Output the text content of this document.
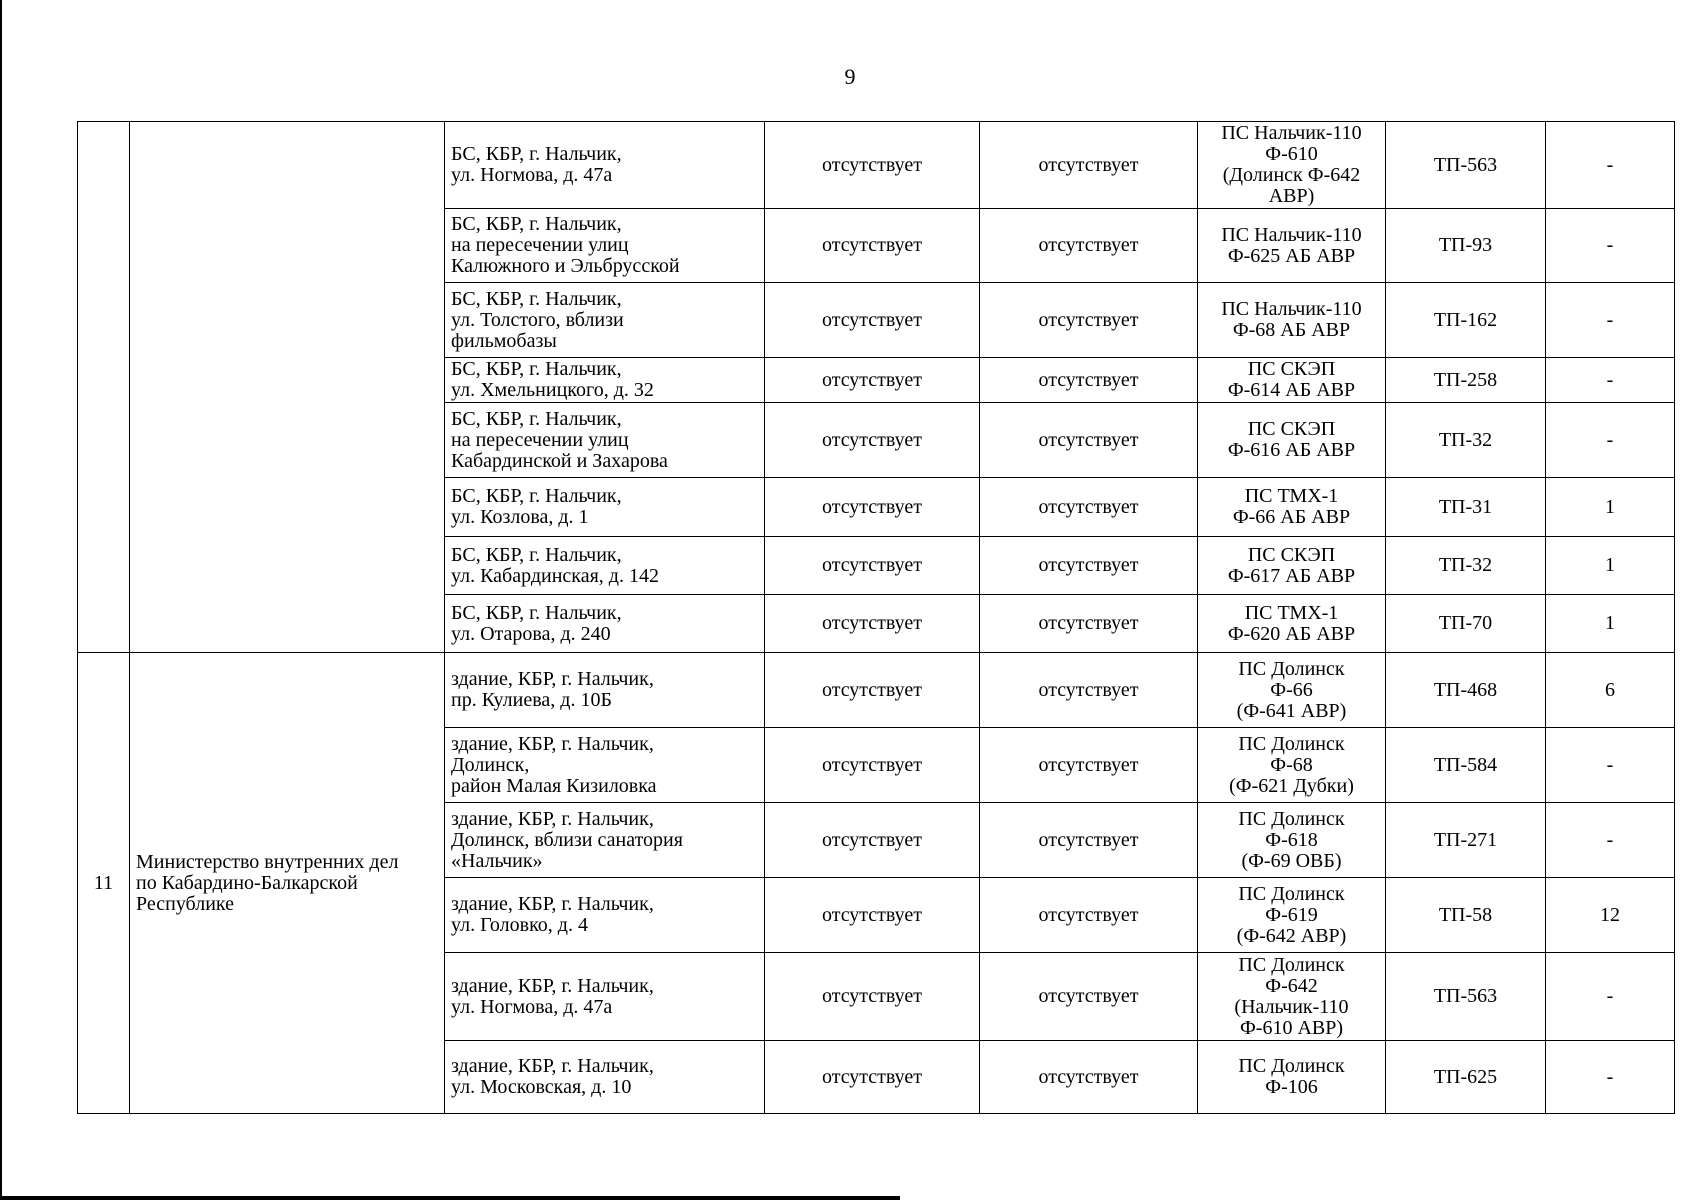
9
		БС, КБР, г. Нальчик,
ул. Ногмова, д. 47а	отсутствует	отсутствует	ПС Нальчик-110
Ф-610
(Долинск Ф-642
АВР)	ТП-563	-
		БС, КБР, г. Нальчик,
на пересечении улиц
Калюжного и Эльбрусской	отсутствует	отсутствует	ПС Нальчик-110
Ф-625 АБ АВР	ТП-93	-
		БС, КБР, г. Нальчик,
ул. Толстого, вблизи
фильмобазы	отсутствует	отсутствует	ПС Нальчик-110
Ф-68 АБ АВР	ТП-162	-
		БС, КБР, г. Нальчик,
ул. Хмельницкого, д. 32	отсутствует	отсутствует	ПС СКЭП
Ф-614 АБ АВР	ТП-258	-
		БС, КБР, г. Нальчик,
на пересечении улиц
Кабардинской и Захарова	отсутствует	отсутствует	ПС СКЭП
Ф-616 АБ АВР	ТП-32	-
		БС, КБР, г. Нальчик,
ул. Козлова, д. 1	отсутствует	отсутствует	ПС ТМХ-1
Ф-66 АБ АВР	ТП-31	1
		БС, КБР, г. Нальчик,
ул. Кабардинская, д. 142	отсутствует	отсутствует	ПС СКЭП
Ф-617 АБ АВР	ТП-32	1
		БС, КБР, г. Нальчик,
ул. Отарова, д. 240	отсутствует	отсутствует	ПС ТМХ-1
Ф-620 АБ АВР	ТП-70	1
11	Министерство внутренних дел
по Кабардино-Балкарской
Республике	здание, КБР, г. Нальчик,
пр. Кулиева, д. 10Б	отсутствует	отсутствует	ПС Долинск
Ф-66
(Ф-641 АВР)	ТП-468	6
		здание, КБР, г. Нальчик,
Долинск,
район Малая Кизиловка	отсутствует	отсутствует	ПС Долинск
Ф-68
(Ф-621 Дубки)	ТП-584	-
		здание, КБР, г. Нальчик,
Долинск, вблизи санатория
«Нальчик»	отсутствует	отсутствует	ПС Долинск
Ф-618
(Ф-69 ОВБ)	ТП-271	-
		здание, КБР, г. Нальчик,
ул. Головко, д. 4	отсутствует	отсутствует	ПС Долинск
Ф-619
(Ф-642 АВР)	ТП-58	12
		здание, КБР, г. Нальчик,
ул. Ногмова, д. 47а	отсутствует	отсутствует	ПС Долинск
Ф-642
(Нальчик-110
Ф-610 АВР)	ТП-563	-
		здание, КБР, г. Нальчик,
ул. Московская, д. 10	отсутствует	отсутствует	ПС Долинск
Ф-106	ТП-625	-
